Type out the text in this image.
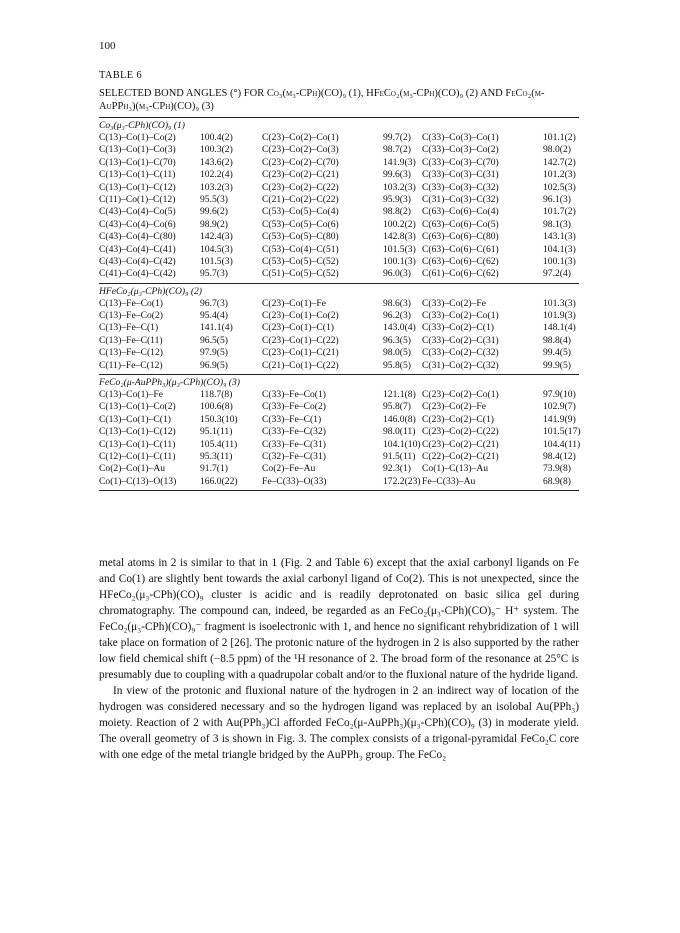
100
TABLE 6
SELECTED BOND ANGLES (°) FOR Co₃(μ₃-CPh)(CO)₉ (1), HFeCo₂(μ₃-CPh)(CO)₉ (2) AND FeCo₂(μ-AuPPh₃)(μ₃-CPh)(CO)₉ (3)
Co₃(μ₃-CPh)(CO)₉ (1)
C(13)–Co(1)–Co(2)	100.4(2)	C(23)–Co(2)–Co(1)	99.7(2) C(33)–Co(3)–Co(1)	101.1(2)
C(13)–Co(1)–Co(3)	100.3(2)	C(23)–Co(2)–Co(3)	98.7(2) C(33)–Co(3)–Co(2)	98.0(2)
C(13)–Co(1)–C(70)	143.6(2)	C(23)–Co(2)–C(70)	141.9(3) C(33)–Co(3)–C(70)	142.7(2)
C(13)–Co(1)–C(11)	102.2(4)	C(23)–Co(2)–C(21)	99.6(3) C(33)–Co(3)–C(31)	101.2(3)
C(13)–Co(1)–C(12)	103.2(3)	C(23)–Co(2)–C(22)	103.2(3) C(33)–Co(3)–C(32)	102.5(3)
C(11)–Co(1)–C(12)	95.5(3)	C(21)–Co(2)–C(22)	95.9(3) C(31)–Co(3)–C(32)	96.1(3)
C(43)–Co(4)–Co(5)	99.6(2)	C(53)–Co(5)–Co(4)	98.8(2) C(63)–Co(6)–Co(4)	101.7(2)
C(43)–Co(4)–Co(6)	98.9(2)	C(53)–Co(5)–Co(6)	100.2(2) C(63)–Co(6)–Co(5)	98.1(3)
C(43)–Co(4)–C(80)	142.4(3)	C(53)–Co(5)–C(80)	142.8(3) C(63)–Co(6)–C(80)	143.1(3)
C(43)–Co(4)–C(41)	104.5(3)	C(53)–Co(4)–C(51)	101.5(3) C(63)–Co(6)–C(61)	104.1(3)
C(43)–Co(4)–C(42)	101.5(3)	C(53)–Co(5)–C(52)	100.1(3) C(63)–Co(6)–C(62)	100.1(3)
C(41)–Co(4)–C(42)	95.7(3)	C(51)–Co(5)–C(52)	96.0(3) C(61)–Co(6)–C(62)	97.2(4)
HFeCo₂(μ₃-CPh)(CO)₉ (2)
C(13)–Fe–Co(1)	96.7(3)	C(23)–Co(1)–Fe	98.6(3) C(33)–Co(2)–Fe	101.3(3)
C(13)–Fe–Co(2)	95.4(4)	C(23)–Co(1)–Co(2)	96.2(3) C(33)–Co(2)–Co(1)	101.9(3)
C(13)–Fe–C(1)	141.1(4)	C(23)–Co(1)–C(1)	143.0(4) C(33)–Co(2)–C(1)	148.1(4)
C(13)–Fe–C(11)	96.5(5)	C(23)–Co(1)–C(22)	96.3(5) C(33)–Co(2)–C(31)	98.8(4)
C(13)–Fe–C(12)	97.9(5)	C(23)–Co(1)–C(21)	98.0(5) C(33)–Co(2)–C(32)	99.4(5)
C(11)–Fe–C(12)	96.9(5)	C(21)–Co(1)–C(22)	95.8(5) C(31)–Co(2)–C(32)	99.9(5)
FeCo₂(μ-AuPPh₃)(μ₃-CPh)(CO)₉ (3)
C(13)–Co(1)–Fe	118.7(8)	C(33)–Fe–Co(1)	121.1(8) C(23)–Co(2)–Co(1)	97.9(10)
C(13)–Co(1)–Co(2)	100.6(8)	C(33)–Fe–Co(2)	95.8(7) C(23)–Co(2)–Fe	102.9(7)
C(13)–Co(1)–C(1)	150.3(10)	C(33)–Fe–C(1)	146.0(8) C(23)–Co(2)–C(1)	141.9(9)
C(13)–Co(1)–C(12)	95.1(11)	C(33)–Fe–C(32)	98.0(11) C(23)–Co(2)–C(22)	101.5(17)
C(13)–Co(1)–C(11)	105.4(11)	C(33)–Fe–C(31)	104.1(10) C(23)–Co(2)–C(21)	104.4(11)
C(12)–Co(1)–C(11)	95.3(11)	C(32)–Fe–C(31)	91.5(11) C(22)–Co(2)–C(21)	98.4(12)
Co(2)–Co(1)–Au	91.7(1)	Co(2)–Fe–Au	92.3(1) Co(1)–C(13)–Au	73.9(8)
Co(1)–C(13)–O(13) 166.0(22)	Fe–C(33)–O(33)	172.2(23) Fe–C(33)–Au	68.9(8)

metal atoms in 2 is similar to that in 1 (Fig. 2 and Table 6) except that the axial carbonyl ligands on Fe and Co(1) are slightly bent towards the axial carbonyl ligand of Co(2). This is not unexpected, since the HFeCo₂(μ₃-CPh)(CO)₉ cluster is acidic and is readily deprotonated on basic silica gel during chromatography. The compound can, indeed, be regarded as an FeCo₂(μ₃-CPh)(CO)₉⁻ H⁺ system. The FeCo₂(μ₃-CPh)(CO)₉⁻ fragment is isoelectronic with 1, and hence no significant rehybridization of 1 will take place on formation of 2 [26]. The protonic nature of the hydrogen in 2 is also supported by the rather low field chemical shift (−8.5 ppm) of the ¹H resonance of 2. The broad form of the resonance at 25°C is presumably due to coupling with a quadrupolar cobalt and/or to the fluxional nature of the hydride ligand.

In view of the protonic and fluxional nature of the hydrogen in 2 an indirect way of location of the hydrogen was considered necessary and so the hydrogen ligand was replaced by an isolobal Au(PPh₃) moiety. Reaction of 2 with Au(PPh₃)Cl afforded FeCo₂(μ-AuPPh₃)(μ₃-CPh)(CO)₉ (3) in moderate yield. The overall geometry of 3 is shown in Fig. 3. The complex consists of a trigonal-pyramidal FeCo₂C core with one edge of the metal triangle bridged by the AuPPh₃ group. The FeCo₂
